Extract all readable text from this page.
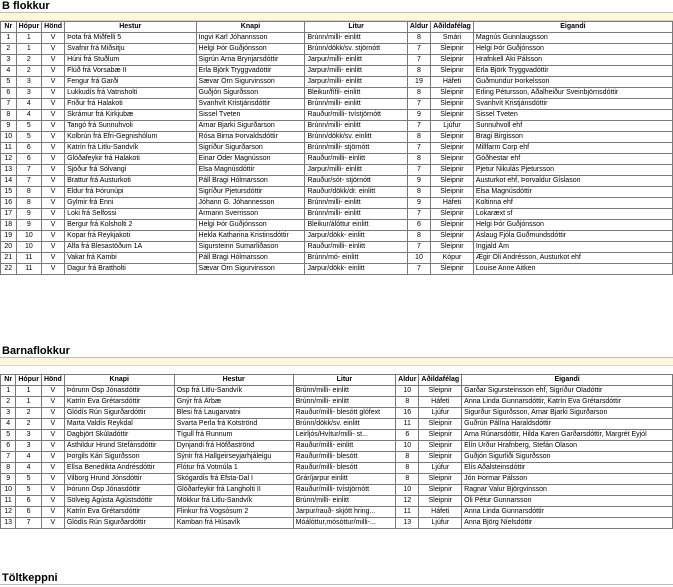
B flokkur
Nr	Hópur	Hönd	Hestur	Knapi	Litur	Aldur	Aðildafélag	Eigandi
1	1	V	Þota frá Miðfelli 5	Ingvi Karl Jóhannsson	Brúnn/milli- einlitt	8	Smári	Magnús Gunnlaugsson
2	1	V	Svafnir frá Miðsitju	Helgi Þór Guðjónsson	Brúnn/dökk/sv. stjörnótt	7	Sleipnir	Helgi Þór Guðjónsson
3	2	V	Húni frá Stuðlum	Sigrún Arna Brynjarsdóttir	Jarpur/milli- einlitt	7	Sleipnir	Hrafnkell Áki Pálsson
4	2	V	Flúð frá Vorsabæ II	Erla Björk Tryggvadóttir	Jarpur/milli- einlitt	8	Sleipnir	Erla Björk Tryggvadóttir
5	3	V	Fengur frá Garði	Sævar Örn Sigurvinsson	Jarpur/milli- einlitt	19	Háfeti	Guðmundur Þorkelsson
6	3	V	Lukkudís frá Vatnsholti	Guðjón Sigurðsson	Bleikur/fífil- einlitt	8	Sleipnir	Erling Pétursson, Aðalheiður Sveinbjörnsdóttir
7	4	V	Friður frá Halakoti	Svanhvít Kristjánsdóttir	Brúnn/milli- einlitt	7	Sleipnir	Svanhvít Kristjánsdóttir
8	4	V	Skrámur frá Kirkjubæ	Sissel Tveten	Rauður/milli- tvístjörnótt	9	Sleipnir	Sissel Tveten
9	5	V	Tangó frá Sunnuhvoli	Arnar Bjarki Sigurðarson	Brúnn/milli- einlitt	7	Ljúfur	Sunnuhvoll ehf
10	5	V	Kolbrún frá Efri-Gegnishólum	Rósa Birna Þorvaldsdóttir	Brúnn/dökk/sv. einlitt	8	Sleipnir	Bragi Birgisson
11	6	V	Katrín frá Litlu-Sandvík	Sigríður Sigurðarson	Brúnn/milli- stjörnótt	7	Sleipnir	Millfarm Corp ehf
12	6	V	Glóðafeykir frá Halakoti	Einar Öder Magnússon	Rauður/milli- einlitt	8	Sleipnir	Góðhestar ehf
13	7	V	Sjóður frá Sólvangi	Elsa Magnúsdóttir	Jarpur/milli- einlitt	7	Sleipnir	Pjetur Nikulás Pjetursson
14	7	V	Brattur frá Austurkoti	Páll Bragi Hólmarsson	Rauður/sót- stjörnótt	9	Sleipnir	Austurkot ehf, Þorvaldur Gíslason
15	8	V	Eldur frá Þórunúpi	Sigríður Pjetursdóttir	Rauður/dökk/dr. einlitt	8	Sleipnir	Elsa Magnúsdóttir
16	8	V	Gylmir frá Enni	Jóhann G. Jóhannesson	Brúnn/milli- einlitt	9	Háfeti	Koltinna ehf
17	9	V	Loki frá Selfossi	Ármann Sverrisson	Brúnn/milli- einlitt	7	Sleipnir	Lokaræxt sf
18	9	V	Bergur frá Kolsholti 2	Helgi Þór Guðjónsson	Bleikur/álóttur einlitt	6	Sleipnir	Helgi Þór Guðjónsson
19	10	V	Kopar frá Reykjakoti	Hekla Katharina Kristinsdóttir	Jarpur/dökk- einlitt	8	Sleipnir	Áslaug Fjóla Guðmundsdóttir
20	10	V	Alfa frá Blesastöðum 1A	Sigursteinn Sumarliðason	Rauður/milli- einlitt	7	Sleipnir	Ingjald Ám
21	11	V	Vakar frá Kambi	Páll Bragi Hólmarsson	Brúnn/mó- einlitt	10	Kópur	Ægir Óli Andrésson, Austurkot ehf
22	11	V	Dagur frá Brattholti	Sævar Örn Sigurvinsson	Jarpur/dökk- einlitt	7	Sleipnir	Louise Anne Aitken
Barnaflokkur
Nr	Hópur	Hönd	Knapi	Hestur	Litur	Aldur	Aðildafélag	Eigandi
1	1	V	Þórunn Ösp Jónasdóttir	Ösp frá Litlu-Sandvík	Brúnn/milli- einlitt	10	Sleipnir	Garðar Sigursteinsson ehf, Sigríður Óladóttir
2	1	V	Katrín Eva Grétarsdóttir	Gnýr frá Árbæ	Brúnn/milli- einlitt	8	Háfeti	Anna Linda Gunnarsdóttir, Katrín Eva Grétarsdóttir
3	2	V	Glódís Rún Sigurðardóttir	Blesi frá Laugarvatni	Rauður/milli- blesótt glófext	16	Ljúfur	Sigurður Sigurðsson, Arnar Bjarki Sigurðarson
4	2	V	Marta Valdís Reykdal	Svarta Perla frá Kotströnd	Brúnn/dökk/sv. einlitt	11	Sleipnir	Guðrún Pálína Haraldsdóttir
5	3	V	Dagbjört Skúladóttir	Tígull frá Runnum	Leirljós/Hvítur/milli- st...	6	Sleipnir	Arna Rúnarsdóttir, Hilda Karen Garðarsdóttir, Margrét Eyjól
6	3	V	Ásthildur Hrund Stefánsdóttir	Dynjandi frá Höfðaströnd	Rauður/milli- einlitt	10	Sleipnir	Elín Urður Hrafnberg, Stefán Ólason
7	4	V	Þorgils Kári Sigurðsson	Sýnir frá Hallgeirseyjarhjáleigu	Rauður/milli- blesótt	8	Sleipnir	Guðjón Sigurliði Sigurðsson
8	4	V	Elísa Benedikta Andrésdóttir	Flótur frá Votmúla 1	Rauður/milli- blesótt	8	Ljúfur	Elís Aðalsteinsdóttir
9	5	V	Vilborg Hrund Jónsdóttir	Skógardís frá Efsta-Dal I	Grár/jarpur einlitt	8	Sleipnir	Jón Þormar Pálsson
10	5	V	Þórunn Ösp Jónasdóttir	Glóðarfeykir frá Langholti II	Rauður/milli- tvístjörnótt	10	Sleipnir	Ragnar Valur Björgvinsson
11	6	V	Sölveig Ágústa Ágústsdóttir	Mökkur frá Litlu-Sandvík	Brúnn/milli- einlitt	12	Sleipnir	Óli Pétur Gunnarsson
12	6	V	Katrín Eva Grétarsdóttir	Flinkur frá Vogsósum 2	Jarpur/rauð- skjótt hring...	11	Háfeti	Anna Linda Gunnarsdóttir
13	7	V	Glódís Rún Sigurðardóttir	Kamban frá Húsavík	Móálóttur,mósóttur/milli-...	13	Ljúfur	Anna Björg Níelsdóttir
Töltkeppni
